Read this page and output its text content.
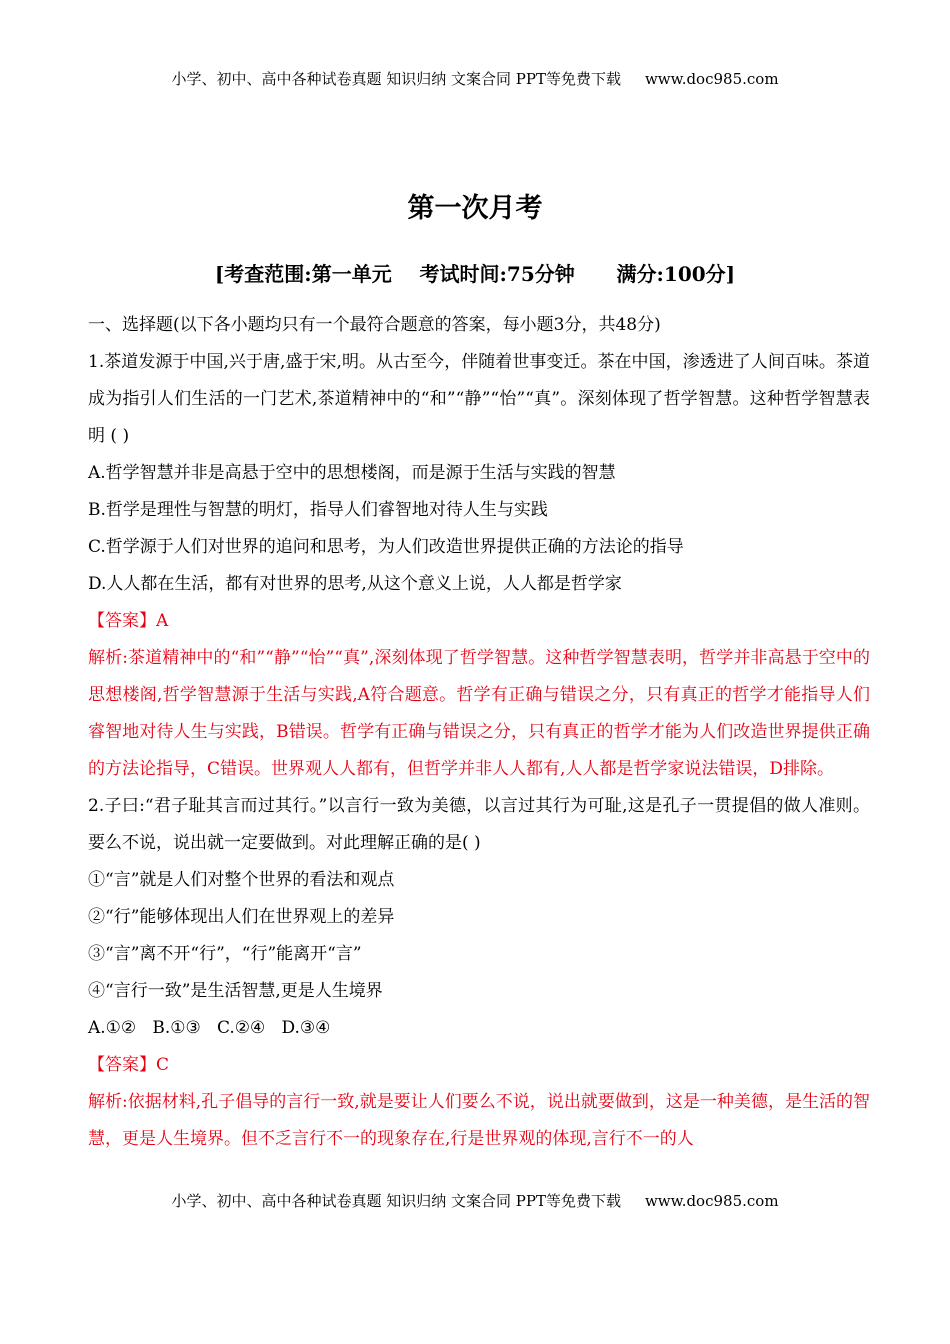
小学、初中、高中各种试卷真题 知识归纳 文案合同 PPT等免费下载 www.doc985.com
第一次月考
[考查范围:第一单元    考试时间:75分钟      满分:100分]

一、选择题(以下各小题均只有一个最符合题意的答案，每小题3分，共48分)

1.茶道发源于中国,兴于唐,盛于宋,明。从古至今，伴随着世事变迁。茶在中国，渗透进了人间百味。茶道成为指引人们生活的一门艺术,茶道精神中的“和”“静”“怡”“真”。深刻体现了哲学智慧。这种哲学智慧表明 ( )

A.哲学智慧并非是高悬于空中的思想楼阁，而是源于生活与实践的智慧

B.哲学是理性与智慧的明灯，指导人们睿智地对待人生与实践

C.哲学源于人们对世界的追问和思考，为人们改造世界提供正确的方法论的指导

D.人人都在生活，都有对世界的思考,从这个意义上说，人人都是哲学家

【答案】A

解析:茶道精神中的“和”“静”“怡”“真”,深刻体现了哲学智慧。这种哲学智慧表明，哲学并非高悬于空中的思想楼阁,哲学智慧源于生活与实践,A符合题意。哲学有正确与错误之分，只有真正的哲学才能指导人们睿智地对待人生与实践，B错误。哲学有正确与错误之分，只有真正的哲学才能为人们改造世界提供正确的方法论指导，C错误。世界观人人都有，但哲学并非人人都有,人人都是哲学家说法错误，D排除。

2.子曰:“君子耻其言而过其行。”以言行一致为美德，以言过其行为可耻,这是孔子一贯提倡的做人准则。要么不说，说出就一定要做到。对此理解正确的是( )

①“言”就是人们对整个世界的看法和观点

②“行”能够体现出人们在世界观上的差异

③“言”离不开“行”，“行”能离开“言”

④“言行一致”是生活智慧,更是人生境界

A.①②   B.①③   C.②④   D.③④

【答案】C

解析:依据材料,孔子倡导的言行一致,就是要让人们要么不说，说出就要做到，这是一种美德，是生活的智慧，更是人生境界。但不乏言行不一的现象存在,行是世界观的体现,言行不一的人

小学、初中、高中各种试卷真题 知识归纳 文案合同 PPT等免费下载 www.doc985.com
